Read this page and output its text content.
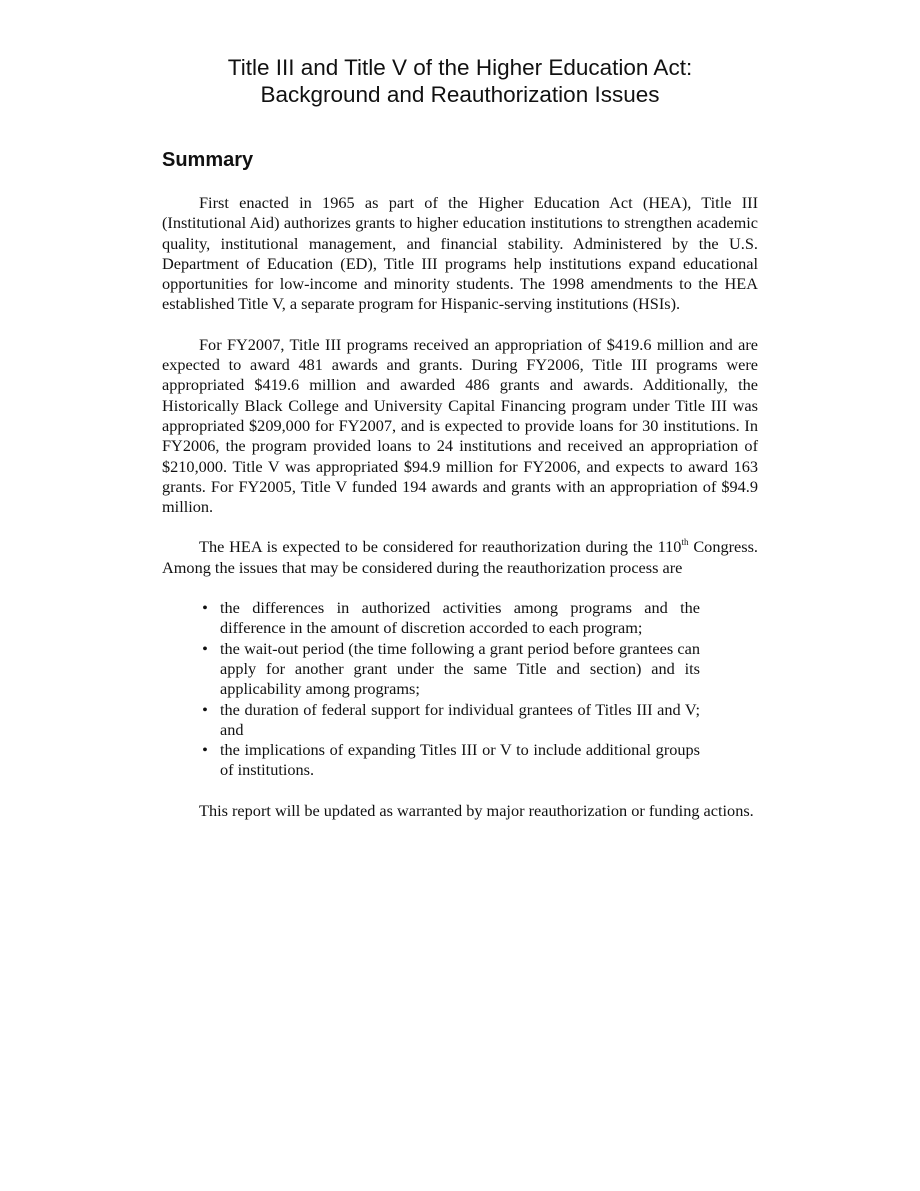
Title III and Title V of the Higher Education Act:
Background and Reauthorization Issues
Summary

First enacted in 1965 as part of the Higher Education Act (HEA), Title III (Institutional Aid) authorizes grants to higher education institutions to strengthen academic quality, institutional management, and financial stability. Administered by the U.S. Department of Education (ED), Title III programs help institutions expand educational opportunities for low-income and minority students. The 1998 amendments to the HEA established Title V, a separate program for Hispanic-serving institutions (HSIs).

For FY2007, Title III programs received an appropriation of $419.6 million and are expected to award 481 awards and grants. During FY2006, Title III programs were appropriated $419.6 million and awarded 486 grants and awards. Additionally, the Historically Black College and University Capital Financing program under Title III was appropriated $209,000 for FY2007, and is expected to provide loans for 30 institutions. In FY2006, the program provided loans to 24 institutions and received an appropriation of $210,000. Title V was appropriated $94.9 million for FY2006, and expects to award 163 grants. For FY2005, Title V funded 194 awards and grants with an appropriation of $94.9 million.

The HEA is expected to be considered for reauthorization during the 110th Congress. Among the issues that may be considered during the reauthorization process are

• the differences in authorized activities among programs and the difference in the amount of discretion accorded to each program;
• the wait-out period (the time following a grant period before grantees can apply for another grant under the same Title and section) and its applicability among programs;
• the duration of federal support for individual grantees of Titles III and V; and
• the implications of expanding Titles III or V to include additional groups of institutions.

This report will be updated as warranted by major reauthorization or funding actions.
